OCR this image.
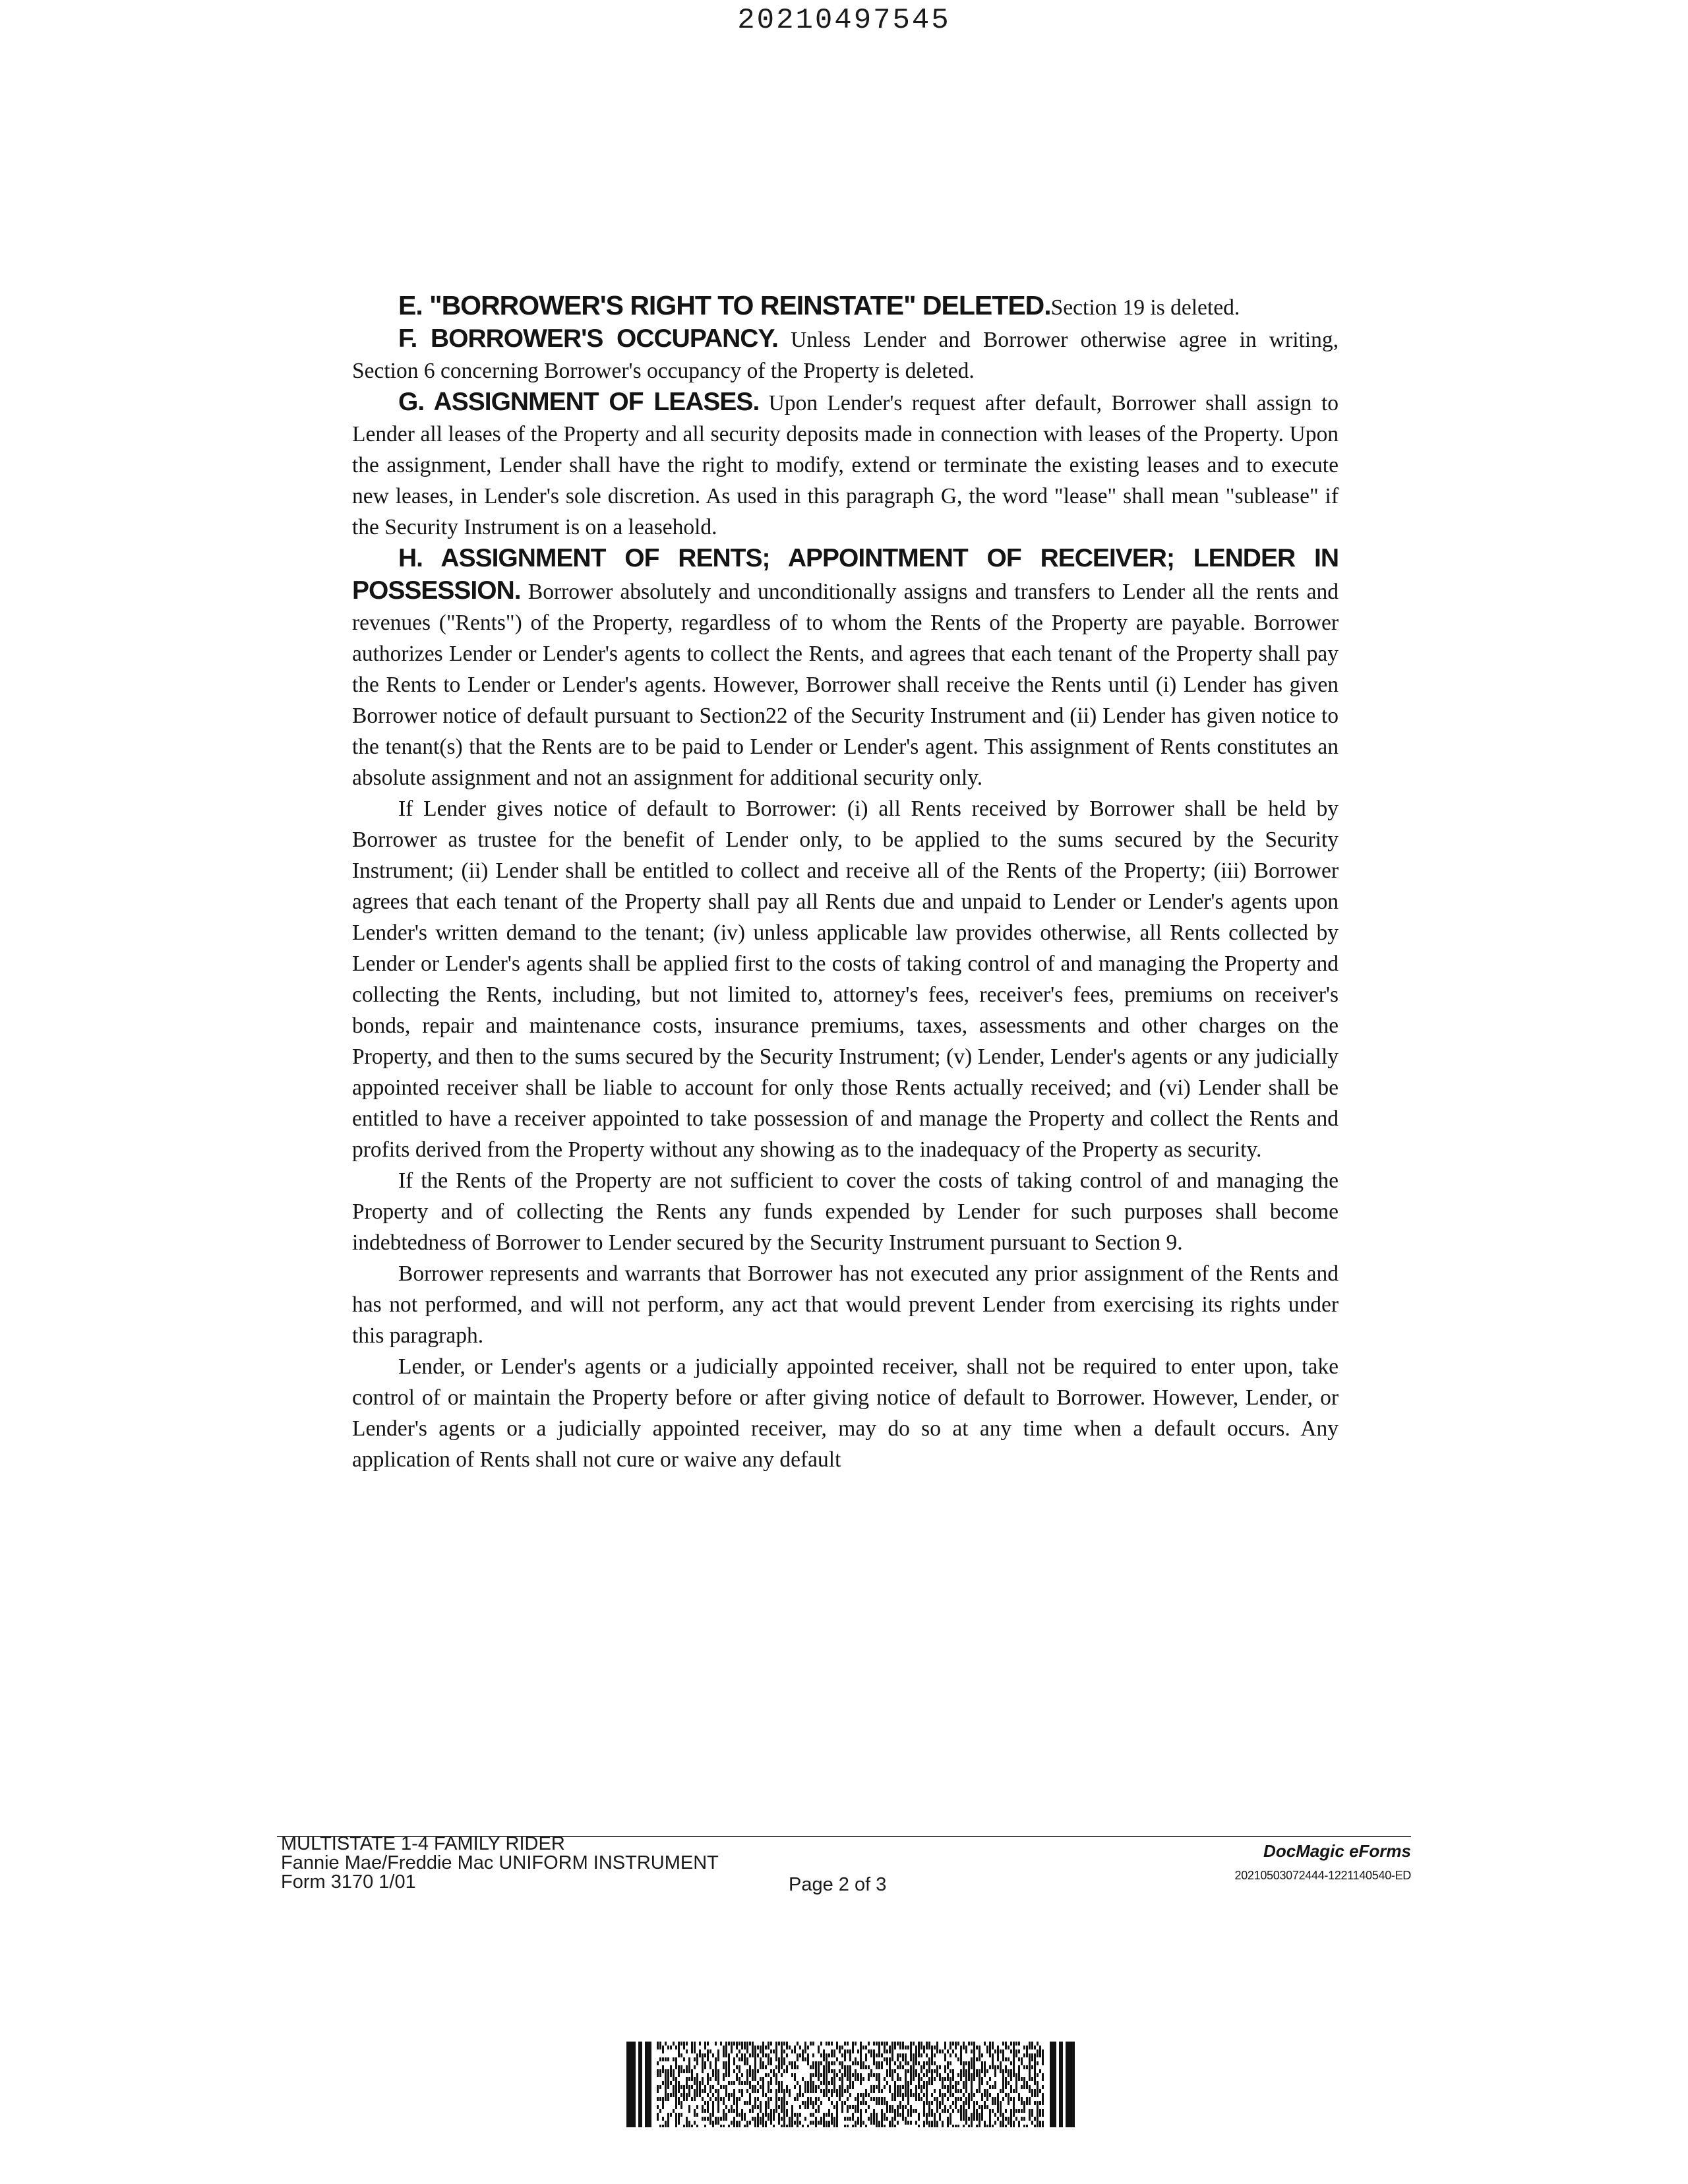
20210497545

E. "BORROWER'S RIGHT TO REINSTATE" DELETED.Section 19 is deleted.

F. BORROWER'S OCCUPANCY. Unless Lender and Borrower otherwise agree in writing, Section 6 concerning Borrower's occupancy of the Property is deleted.

G. ASSIGNMENT OF LEASES. Upon Lender's request after default, Borrower shall assign to Lender all leases of the Property and all security deposits made in connection with leases of the Property. Upon the assignment, Lender shall have the right to modify, extend or terminate the existing leases and to execute new leases, in Lender's sole discretion. As used in this paragraph G, the word "lease" shall mean "sublease" if the Security Instrument is on a leasehold.

H. ASSIGNMENT OF RENTS; APPOINTMENT OF RECEIVER; LENDER IN POSSESSION. Borrower absolutely and unconditionally assigns and transfers to Lender all the rents and revenues ("Rents") of the Property, regardless of to whom the Rents of the Property are payable. Borrower authorizes Lender or Lender's agents to collect the Rents, and agrees that each tenant of the Property shall pay the Rents to Lender or Lender's agents. However, Borrower shall receive the Rents until (i) Lender has given Borrower notice of default pursuant to Section22 of the Security Instrument and (ii) Lender has given notice to the tenant(s) that the Rents are to be paid to Lender or Lender's agent. This assignment of Rents constitutes an absolute assignment and not an assignment for additional security only.

If Lender gives notice of default to Borrower: (i) all Rents received by Borrower shall be held by Borrower as trustee for the benefit of Lender only, to be applied to the sums secured by the Security Instrument; (ii) Lender shall be entitled to collect and receive all of the Rents of the Property; (iii) Borrower agrees that each tenant of the Property shall pay all Rents due and unpaid to Lender or Lender's agents upon Lender's written demand to the tenant; (iv) unless applicable law provides otherwise, all Rents collected by Lender or Lender's agents shall be applied first to the costs of taking control of and managing the Property and collecting the Rents, including, but not limited to, attorney's fees, receiver's fees, premiums on receiver's bonds, repair and maintenance costs, insurance premiums, taxes, assessments and other charges on the Property, and then to the sums secured by the Security Instrument; (v) Lender, Lender's agents or any judicially appointed receiver shall be liable to account for only those Rents actually received; and (vi) Lender shall be entitled to have a receiver appointed to take possession of and manage the Property and collect the Rents and profits derived from the Property without any showing as to the inadequacy of the Property as security.

If the Rents of the Property are not sufficient to cover the costs of taking control of and managing the Property and of collecting the Rents any funds expended by Lender for such purposes shall become indebtedness of Borrower to Lender secured by the Security Instrument pursuant to Section 9.

Borrower represents and warrants that Borrower has not executed any prior assignment of the Rents and has not performed, and will not perform, any act that would prevent Lender from exercising its rights under this paragraph.

Lender, or Lender's agents or a judicially appointed receiver, shall not be required to enter upon, take control of or maintain the Property before or after giving notice of default to Borrower. However, Lender, or Lender's agents or a judicially appointed receiver, may do so at any time when a default occurs. Any application of Rents shall not cure or waive any default

MULTISTATE 1-4 FAMILY RIDER
Fannie Mae/Freddie Mac UNIFORM INSTRUMENT
Form 3170 1/01	Page 2 of 3
DocMagic eForms
20210503072444-1221140540-ED
